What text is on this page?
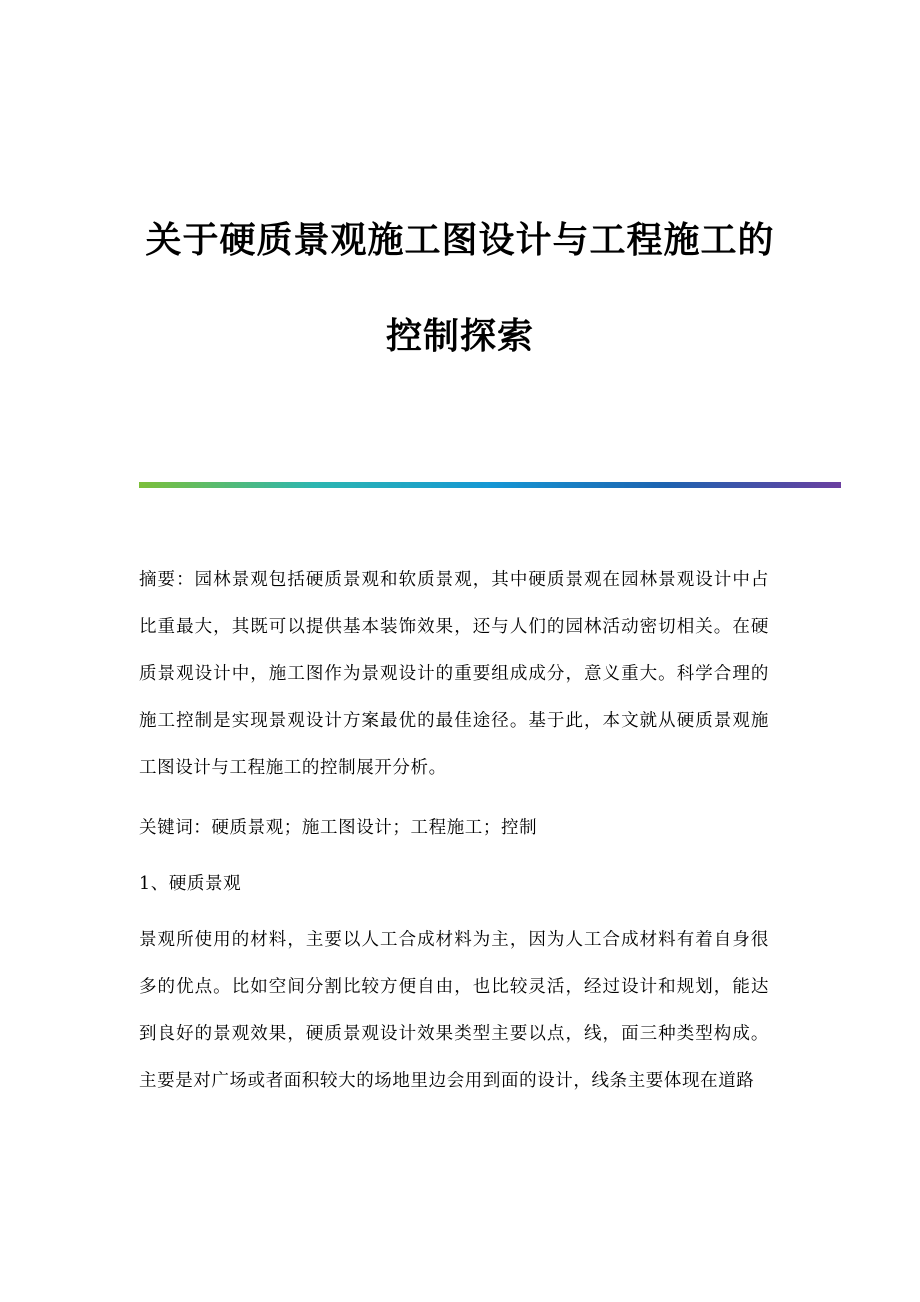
关于硬质景观施工图设计与工程施工的
控制探索

摘要：园林景观包括硬质景观和软质景观，其中硬质景观在园林景观设计中占比重最大，其既可以提供基本装饰效果，还与人们的园林活动密切相关。在硬质景观设计中，施工图作为景观设计的重要组成成分，意义重大。科学合理的施工控制是实现景观设计方案最优的最佳途径。基于此，本文就从硬质景观施工图设计与工程施工的控制展开分析。

关键词：硬质景观；施工图设计；工程施工；控制

1、硬质景观

景观所使用的材料，主要以人工合成材料为主，因为人工合成材料有着自身很多的优点。比如空间分割比较方便自由，也比较灵活，经过设计和规划，能达到良好的景观效果，硬质景观设计效果类型主要以点，线，面三种类型构成。主要是对广场或者面积较大的场地里边会用到面的设计，线条主要体现在道路
